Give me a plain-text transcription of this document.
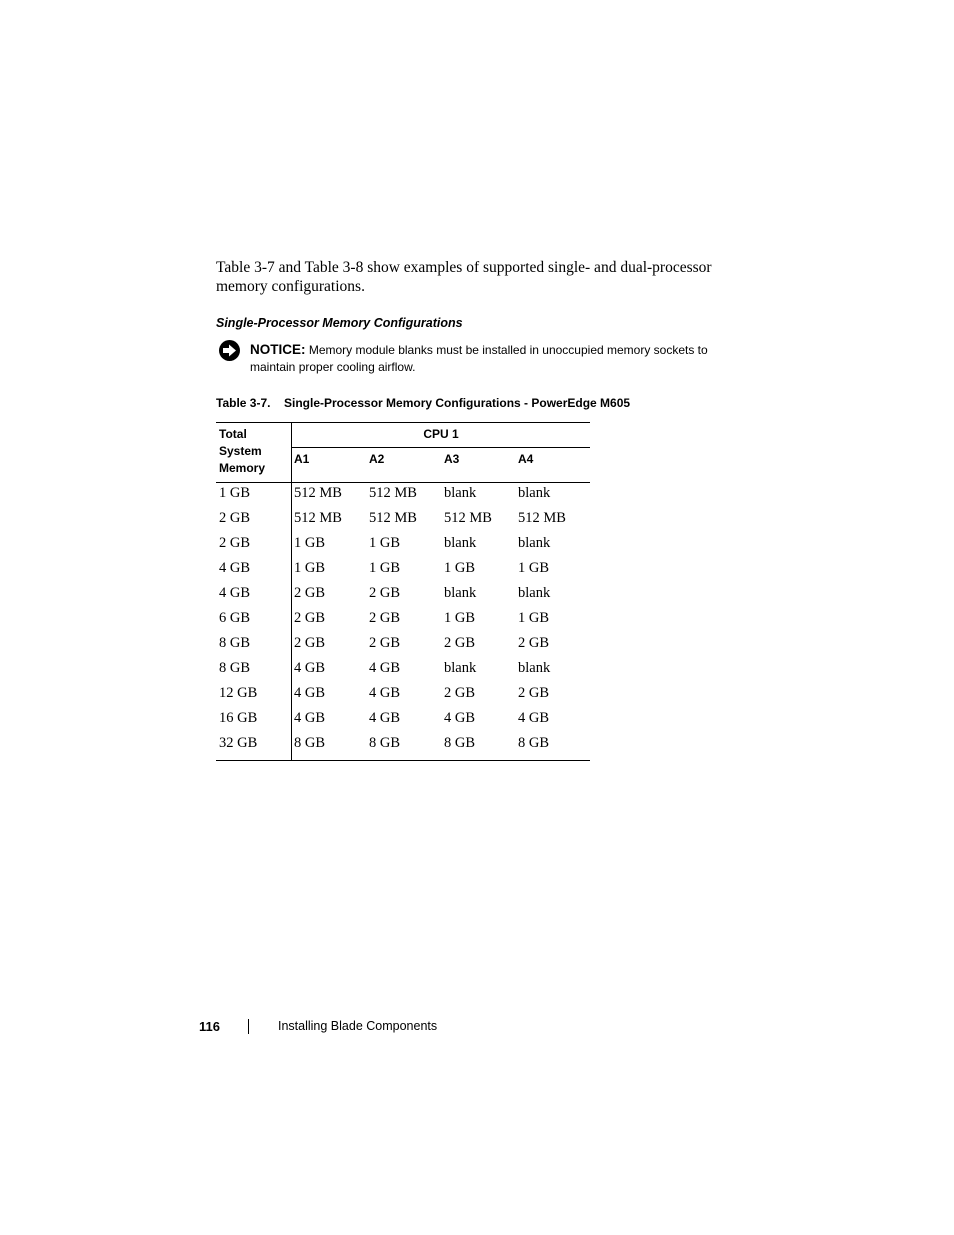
Table 3-7 and Table 3-8 show examples of supported single- and dual-processor memory configurations.

Single-Processor Memory Configurations
NOTICE: Memory module blanks must be installed in unoccupied memory sockets to maintain proper cooling airflow.
Table 3-7. Single-Processor Memory Configurations - PowerEdge M605
Total System Memory	CPU 1			
	A1	A2	A3	A4
1 GB	512 MB	512 MB	blank	blank
2 GB	512 MB	512 MB	512 MB	512 MB
2 GB	1 GB	1 GB	blank	blank
4 GB	1 GB	1 GB	1 GB	1 GB
4 GB	2 GB	2 GB	blank	blank
6 GB	2 GB	2 GB	1 GB	1 GB
8 GB	2 GB	2 GB	2 GB	2 GB
8 GB	4 GB	4 GB	blank	blank
12 GB	4 GB	4 GB	2 GB	2 GB
16 GB	4 GB	4 GB	4 GB	4 GB
32 GB	8 GB	8 GB	8 GB	8 GB
116	Installing Blade Components
